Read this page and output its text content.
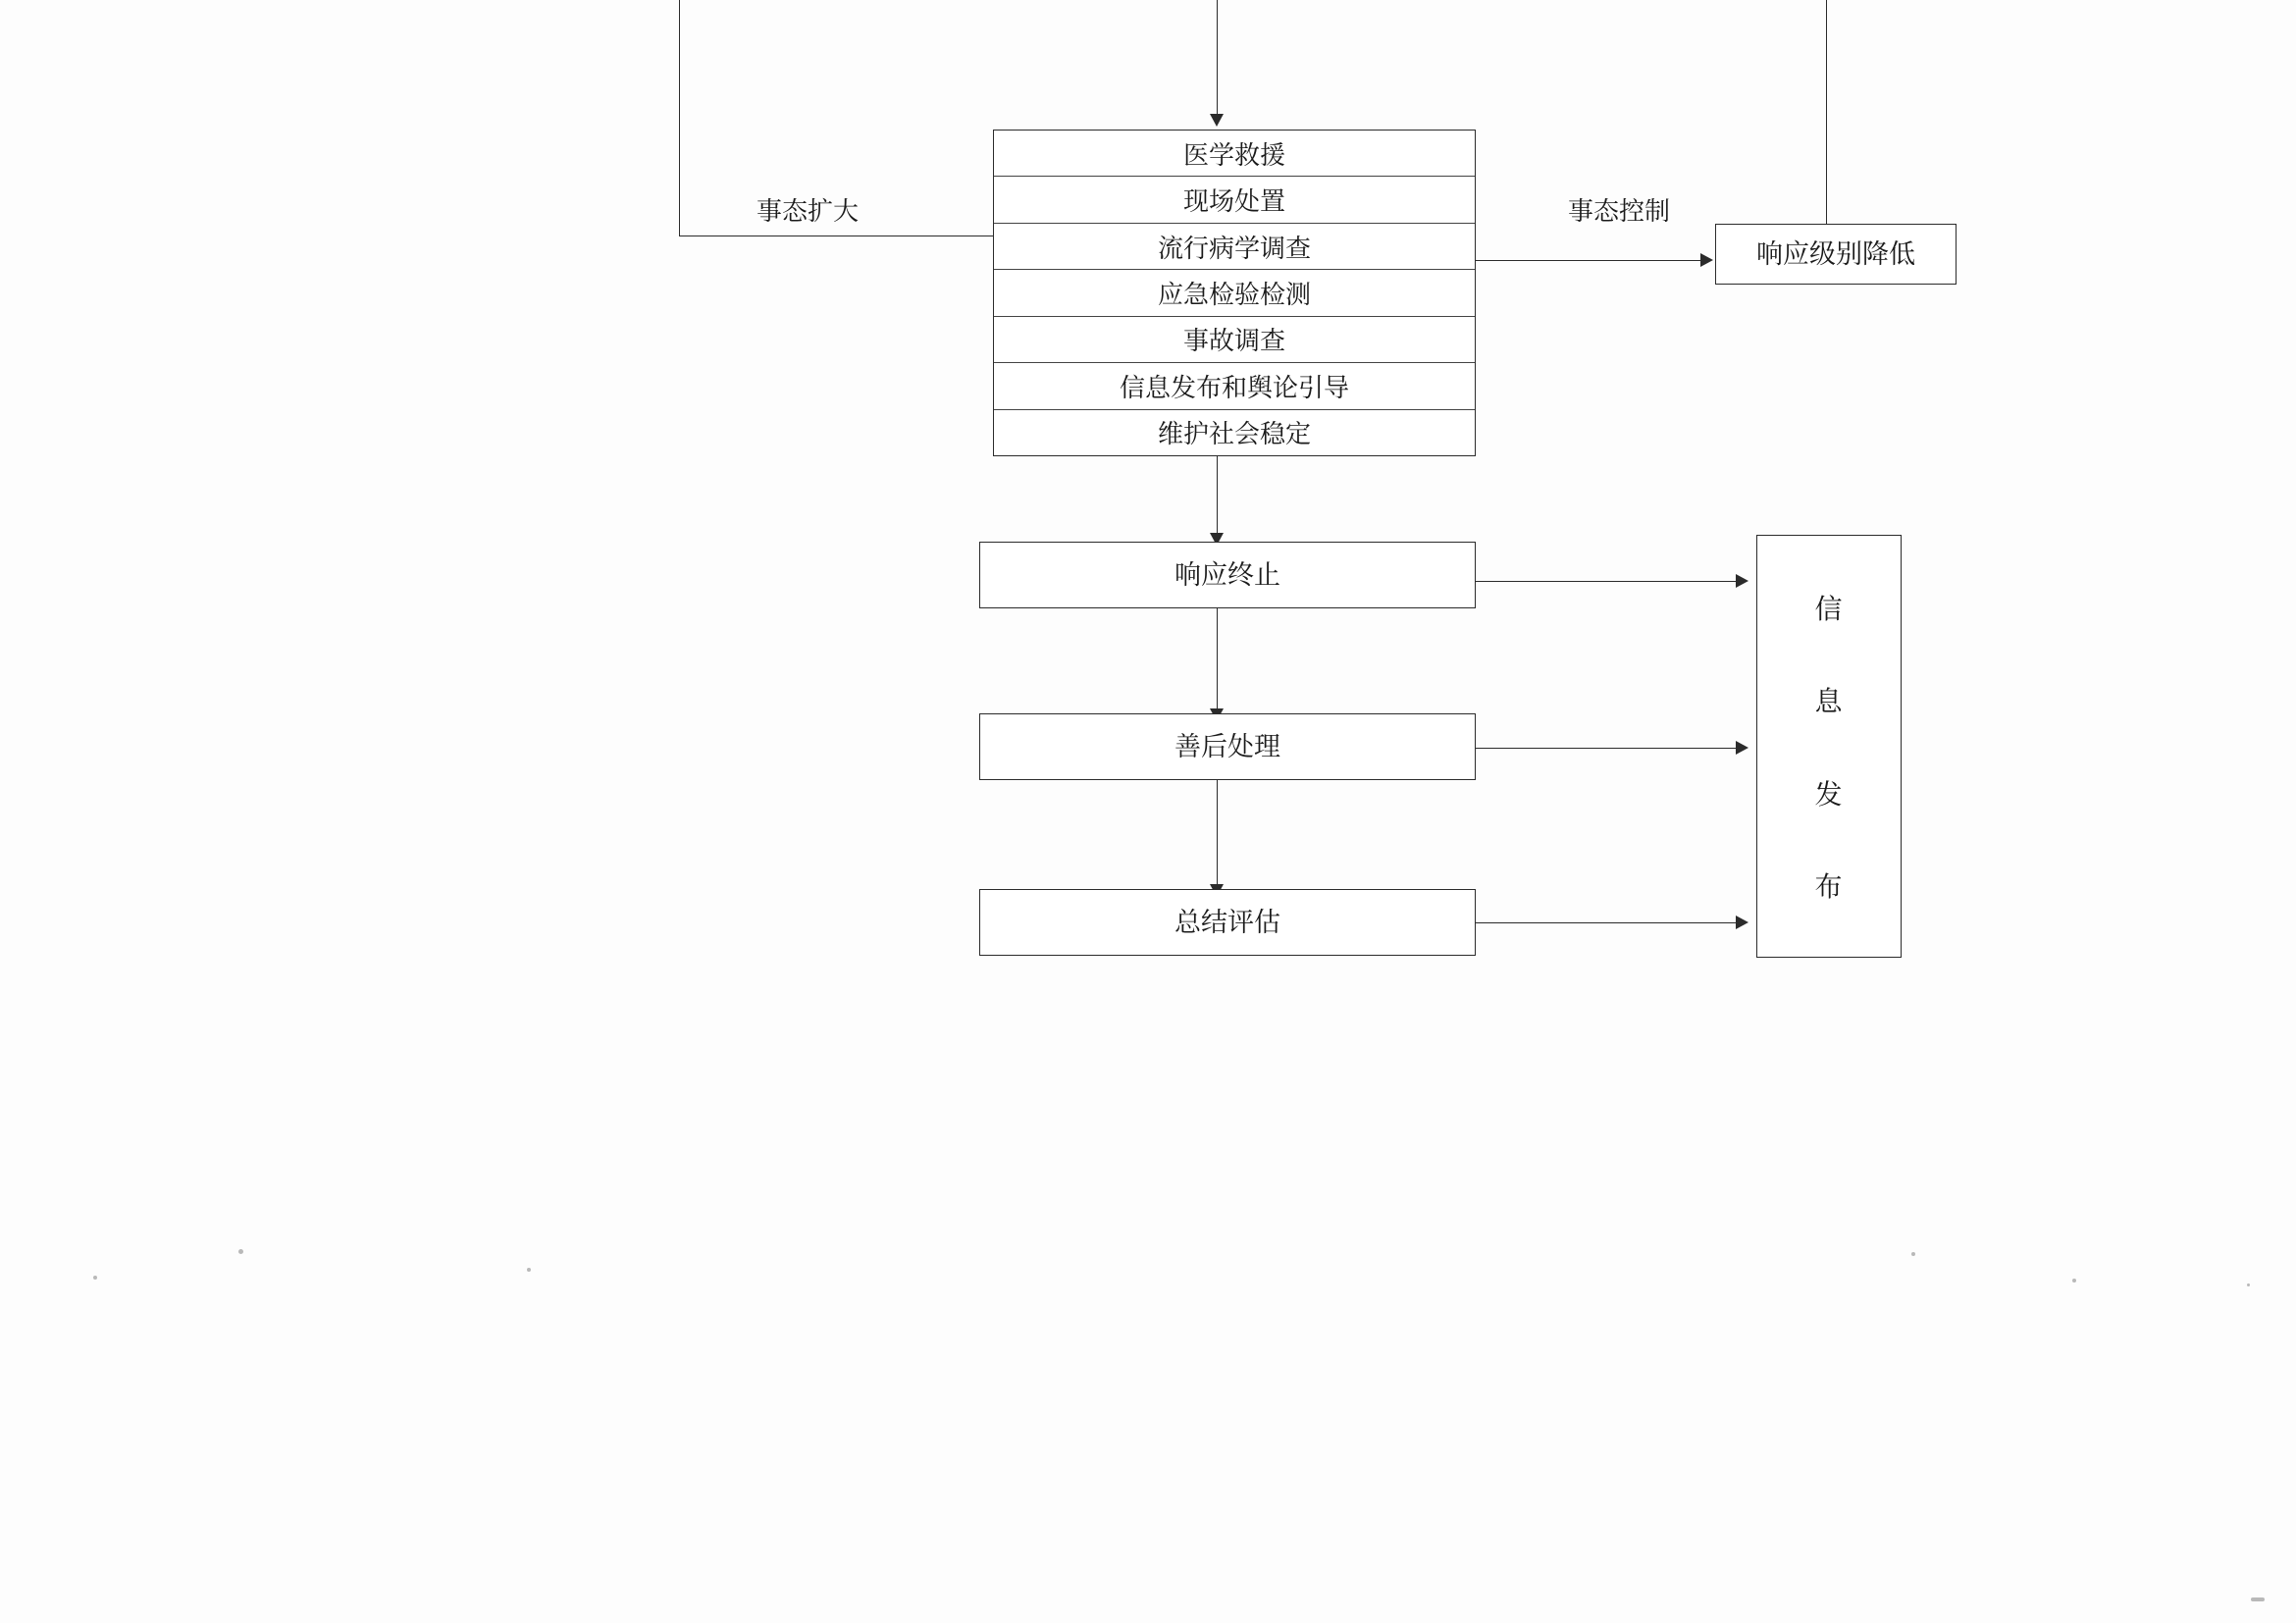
事态扩大	事态控制
医学救援
现场处置
流行病学调查
应急检验检测
事故调查
信息发布和舆论引导
维护社会稳定
响应级别降低
响应终止
善后处理
总结评估
信
息
发
布
